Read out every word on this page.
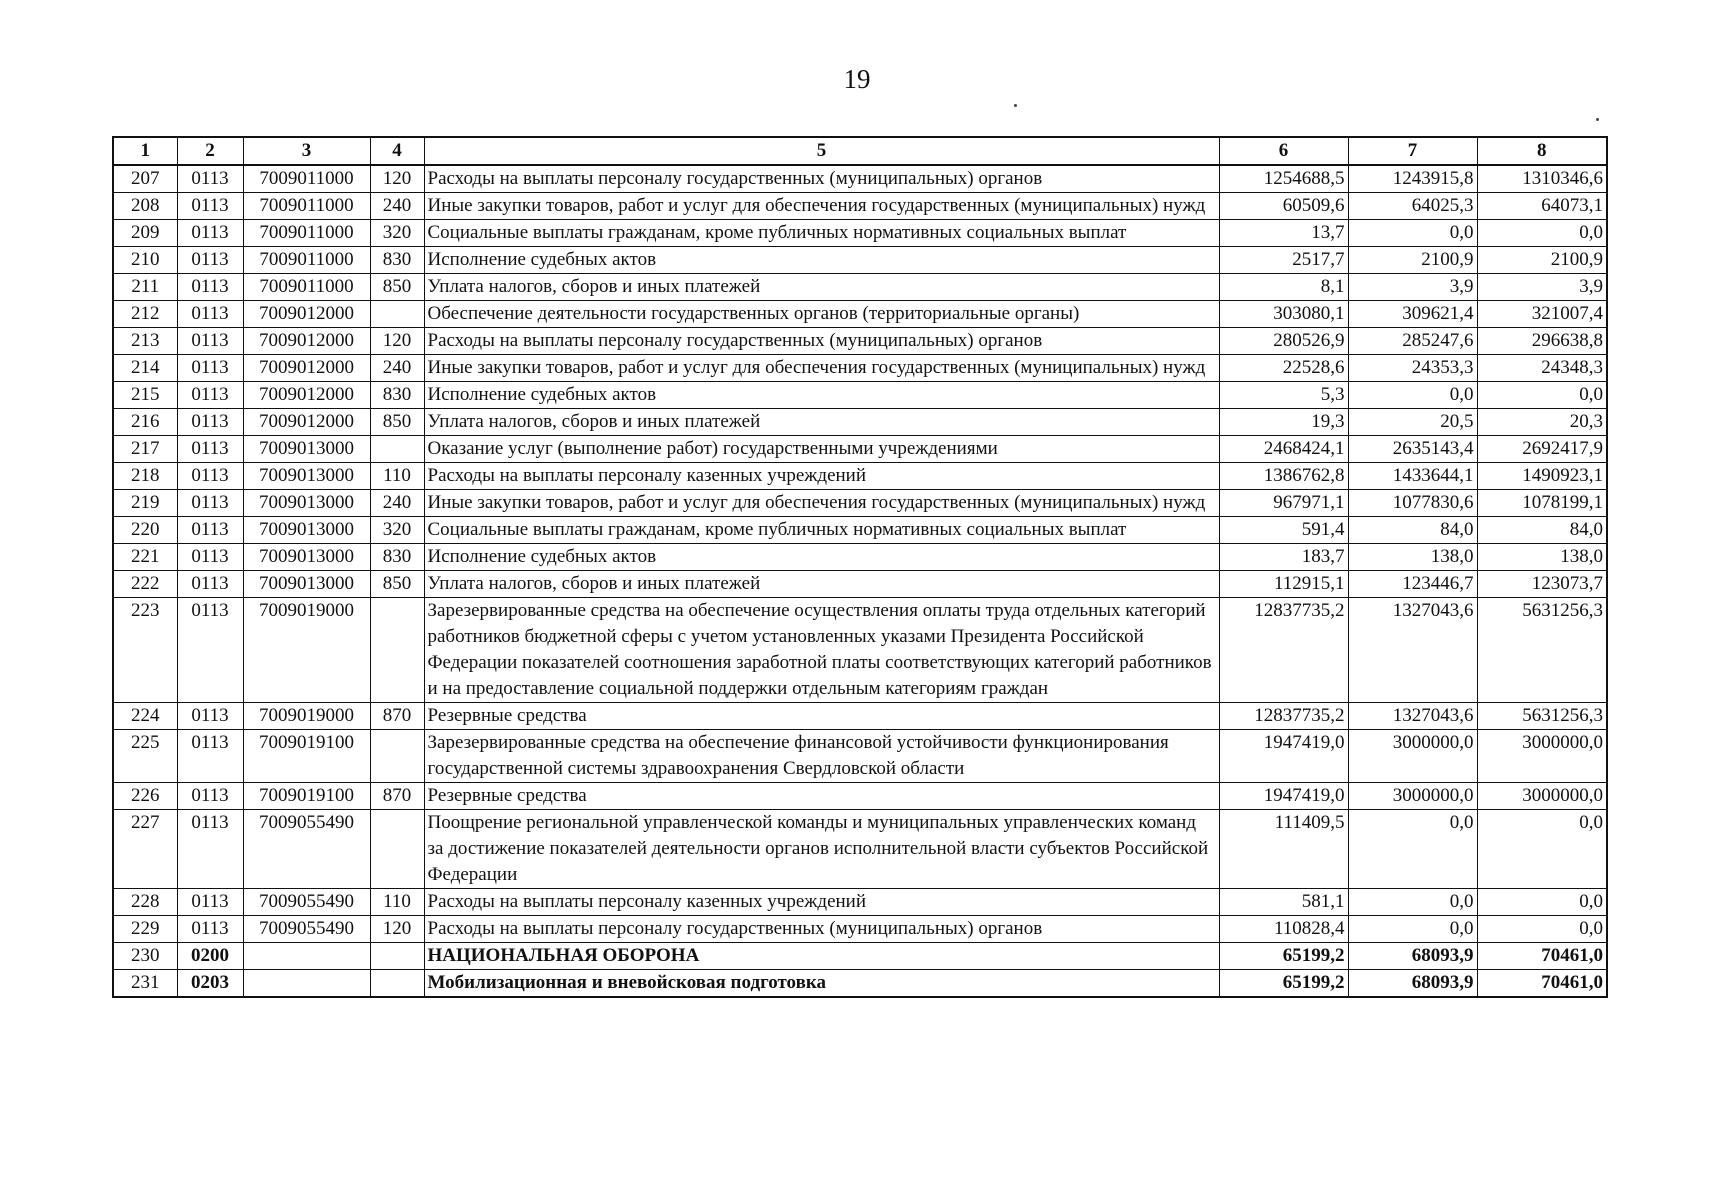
19
1	2	3	4	5	6	7	8
207	0113	7009011000	120	Расходы на выплаты персоналу государственных (муниципальных) органов	1254688,5	1243915,8	1310346,6
208	0113	7009011000	240	Иные закупки товаров, работ и услуг для обеспечения государственных (муниципальных) нужд	60509,6	64025,3	64073,1
209	0113	7009011000	320	Социальные выплаты гражданам, кроме публичных нормативных социальных выплат	13,7	0,0	0,0
210	0113	7009011000	830	Исполнение судебных актов	2517,7	2100,9	2100,9
211	0113	7009011000	850	Уплата налогов, сборов и иных платежей	8,1	3,9	3,9
212	0113	7009012000		Обеспечение деятельности государственных органов (территориальные органы)	303080,1	309621,4	321007,4
213	0113	7009012000	120	Расходы на выплаты персоналу государственных (муниципальных) органов	280526,9	285247,6	296638,8
214	0113	7009012000	240	Иные закупки товаров, работ и услуг для обеспечения государственных (муниципальных) нужд	22528,6	24353,3	24348,3
215	0113	7009012000	830	Исполнение судебных актов	5,3	0,0	0,0
216	0113	7009012000	850	Уплата налогов, сборов и иных платежей	19,3	20,5	20,3
217	0113	7009013000		Оказание услуг (выполнение работ) государственными учреждениями	2468424,1	2635143,4	2692417,9
218	0113	7009013000	110	Расходы на выплаты персоналу казенных учреждений	1386762,8	1433644,1	1490923,1
219	0113	7009013000	240	Иные закупки товаров, работ и услуг для обеспечения государственных (муниципальных) нужд	967971,1	1077830,6	1078199,1
220	0113	7009013000	320	Социальные выплаты гражданам, кроме публичных нормативных социальных выплат	591,4	84,0	84,0
221	0113	7009013000	830	Исполнение судебных актов	183,7	138,0	138,0
222	0113	7009013000	850	Уплата налогов, сборов и иных платежей	112915,1	123446,7	123073,7
223	0113	7009019000		Зарезервированные средства на обеспечение осуществления оплаты труда отдельных категорий работников бюджетной сферы с учетом установленных указами Президента Российской Федерации показателей соотношения заработной платы соответствующих категорий работников и на предоставление социальной поддержки отдельным категориям граждан	12837735,2	1327043,6	5631256,3
224	0113	7009019000	870	Резервные средства	12837735,2	1327043,6	5631256,3
225	0113	7009019100		Зарезервированные средства на обеспечение финансовой устойчивости функционирования государственной системы здравоохранения Свердловской области	1947419,0	3000000,0	3000000,0
226	0113	7009019100	870	Резервные средства	1947419,0	3000000,0	3000000,0
227	0113	7009055490		Поощрение региональной управленческой команды и муниципальных управленческих команд за достижение показателей деятельности органов исполнительной власти субъектов Российской Федерации	111409,5	0,0	0,0
228	0113	7009055490	110	Расходы на выплаты персоналу казенных учреждений	581,1	0,0	0,0
229	0113	7009055490	120	Расходы на выплаты персоналу государственных (муниципальных) органов	110828,4	0,0	0,0
230	0200			НАЦИОНАЛЬНАЯ ОБОРОНА	65199,2	68093,9	70461,0
231	0203			Мобилизационная и вневойсковая подготовка	65199,2	68093,9	70461,0
